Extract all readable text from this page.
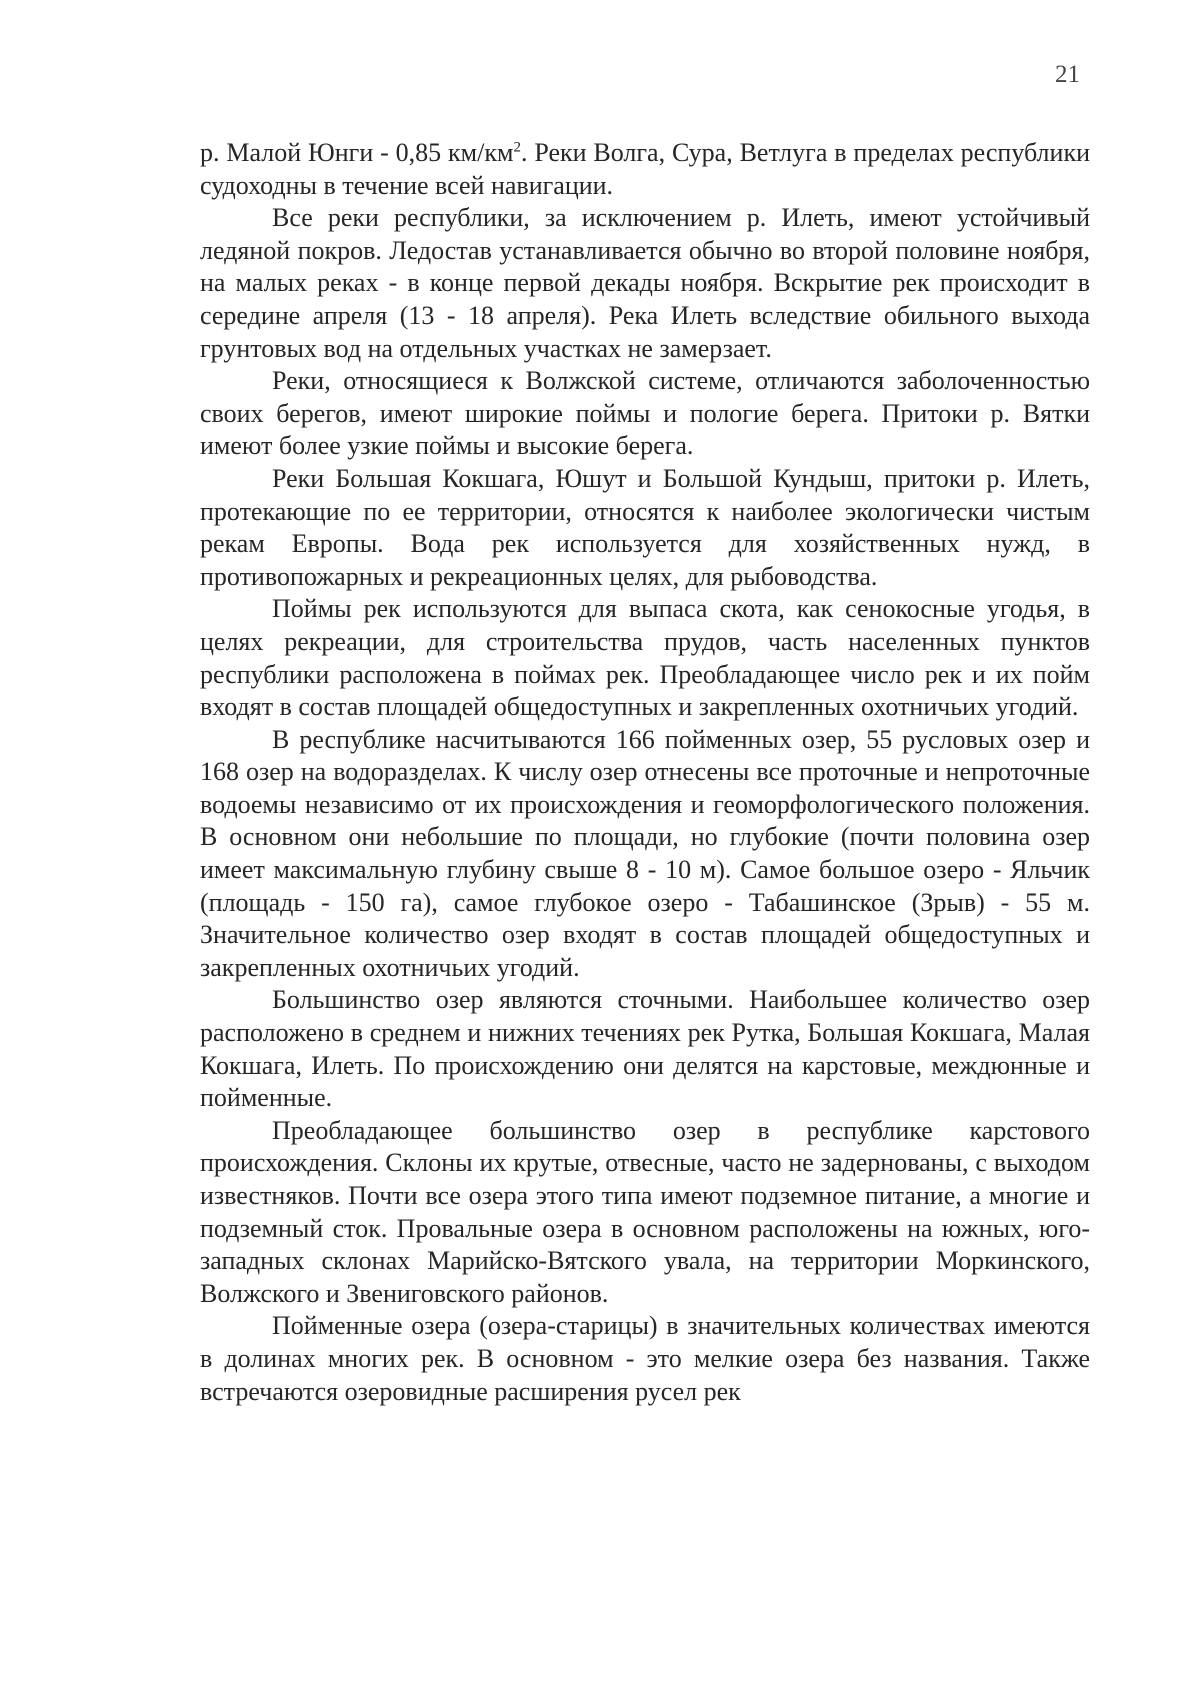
21

р. Малой Юнги - 0,85 $км/км^2$. Реки Волга, Сура, Ветлуга в пределах республики судоходны в течение всей навигации.

Все реки республики, за исключением р. Илеть, имеют устойчивый ледяной покров. Ледостав устанавливается обычно во второй половине ноября, на малых реках - в конце первой декады ноября. Вскрытие рек происходит в середине апреля (13 - 18 апреля). Река Илеть вследствие обильного выхода грунтовых вод на отдельных участках не замерзает.

Реки, относящиеся к Волжской системе, отличаются заболоченностью своих берегов, имеют широкие поймы и пологие берега. Притоки р. Вятки имеют более узкие поймы и высокие берега.

Реки Большая Кокшага, Юшут и Большой Кундыш, притоки р. Илеть, протекающие по ее территории, относятся к наиболее экологически чистым рекам Европы. Вода рек используется для хозяйственных нужд, в противопожарных и рекреационных целях, для рыбоводства.

Поймы рек используются для выпаса скота, как сенокосные угодья, в целях рекреации, для строительства прудов, часть населенных пунктов республики расположена в поймах рек. Преобладающее число рек и их пойм входят в состав площадей общедоступных и закрепленных охотничьих угодий.

В республике насчитываются 166 пойменных озер, 55 русловых озер и 168 озер на водоразделах. К числу озер отнесены все проточные и непроточные водоемы независимо от их происхождения и геоморфологического положения. В основном они небольшие по площади, но глубокие (почти половина озер имеет максимальную глубину свыше 8 - 10 м). Самое большое озеро - Яльчик (площадь - 150 га), самое глубокое озеро - Табашинское (Зрыв) - 55 м. Значительное количество озер входят в состав площадей общедоступных и закрепленных охотничьих угодий.

Большинство озер являются сточными. Наибольшее количество озер расположено в среднем и нижних течениях рек Рутка, Большая Кокшага, Малая Кокшага, Илеть. По происхождению они делятся на карстовые, междюнные и пойменные.

Преобладающее большинство озер в республике карстового происхождения. Склоны их крутые, отвесные, часто не задернованы, с выходом известняков. Почти все озера этого типа имеют подземное питание, а многие и подземный сток. Провальные озера в основном расположены на южных, юго-западных склонах Марийско-Вятского увала, на территории Моркинского, Волжского и Звениговского районов.

Пойменные озера (озера-старицы) в значительных количествах имеются в долинах многих рек. В основном - это мелкие озера без названия. Также встречаются озеровидные расширения русел рек
